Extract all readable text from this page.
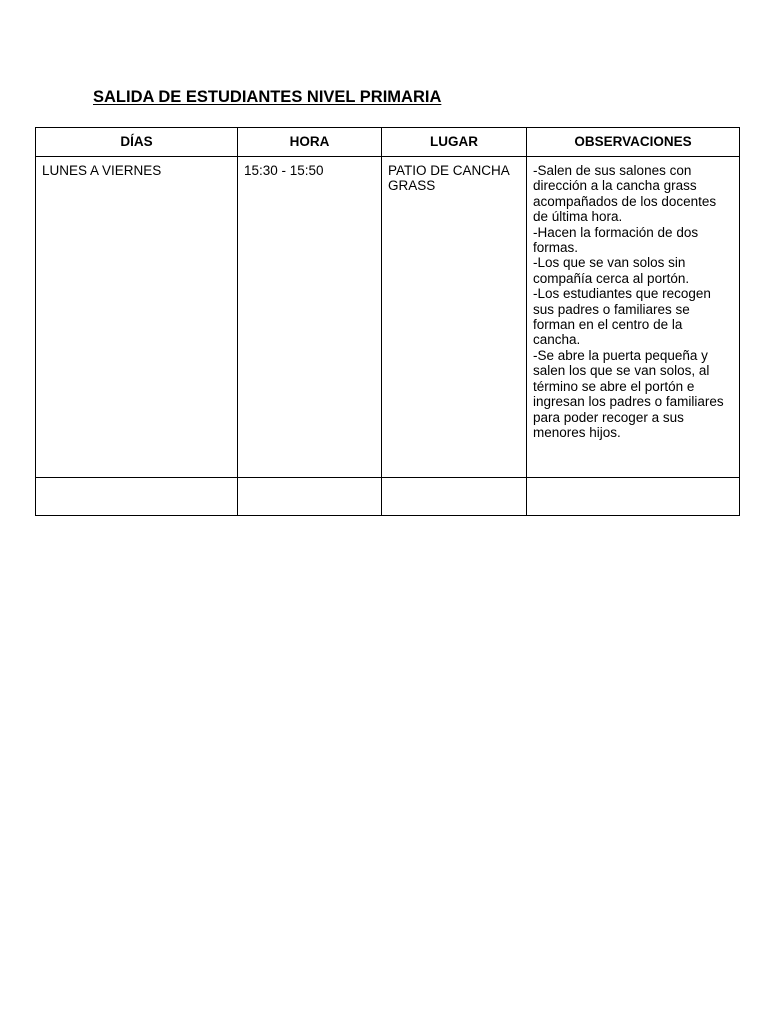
SALIDA DE ESTUDIANTES NIVEL PRIMARIA
DÍAS	HORA	LUGAR	OBSERVACIONES
LUNES A VIERNES	15:30 - 15:50	PATIO DE CANCHA GRASS	-Salen de sus salones con dirección a la cancha grass acompañados de los docentes de última hora.
-Hacen la formación de dos formas.
-Los que se van solos sin compañía cerca al portón.
-Los estudiantes que recogen sus padres o familiares se forman en el centro de la cancha.
-Se abre la puerta pequeña y salen los que se van solos, al término se abre el portón e ingresan los padres o familiares para poder recoger a sus menores hijos.
